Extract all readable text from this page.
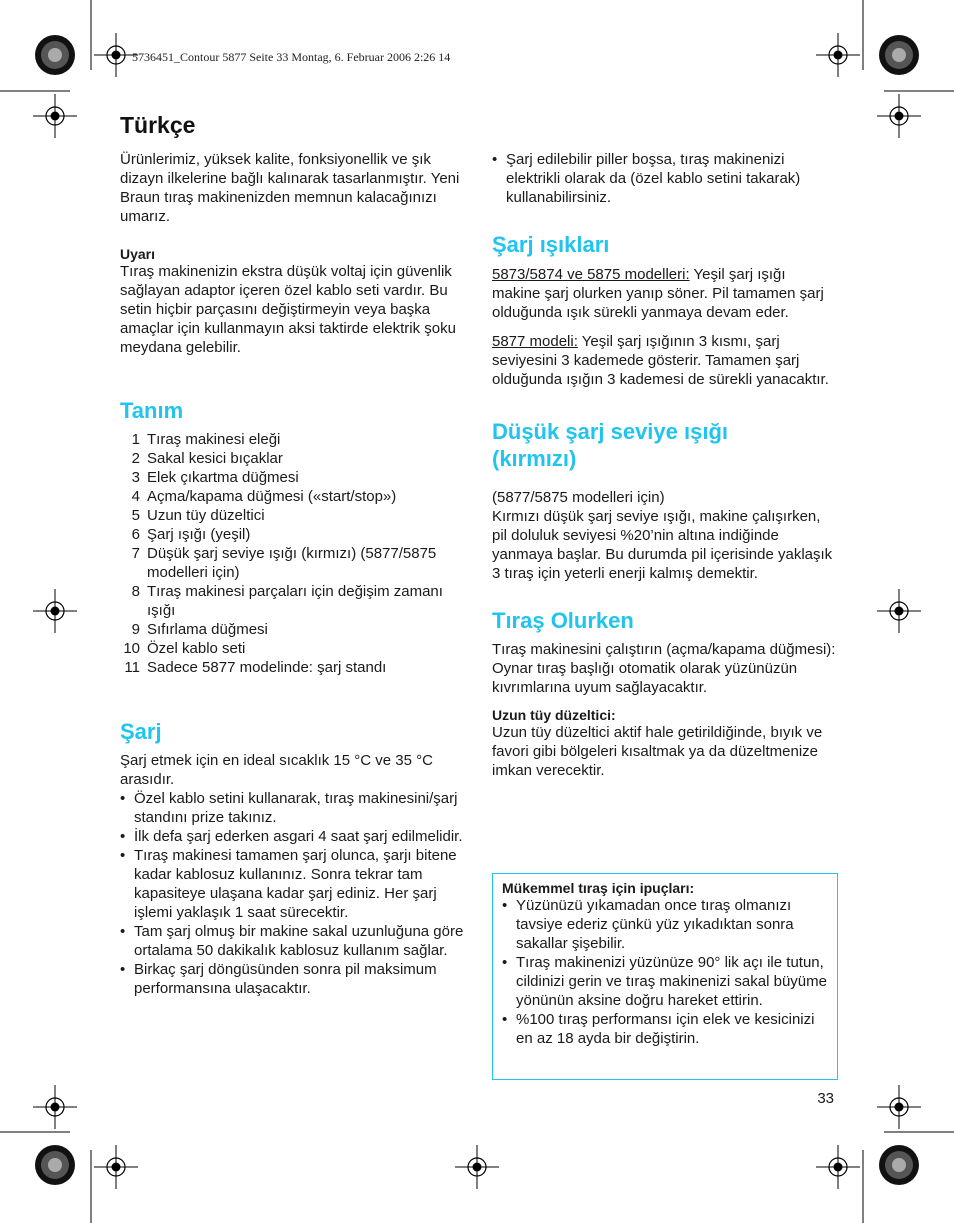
5736451_Contour 5877 Seite 33 Montag, 6. Februar 2006 2:26 14
Türkçe

Ürünlerimiz, yüksek kalite, fonksiyonellik ve şık dizayn ilkelerine bağlı kalınarak tasarlanmıştır. Yeni Braun tıraş makinenizden memnun kalacağınızı umarız.

Uyarı

Tıraş makinenizin ekstra düşük voltaj için güvenlik sağlayan adaptor içeren özel kablo seti vardır. Bu setin hiçbir parçasını değiştirmeyin veya başka amaçlar için kullanmayın aksi taktirde elektrik şoku meydana gelebilir.

Tanım
1 Tıraş makinesi eleği
2 Sakal kesici bıçaklar
3 Elek çıkartma düğmesi
4 Açma/kapama düğmesi («start/stop»)
5 Uzun tüy düzeltici
6 Şarj ışığı (yeşil)
7 Düşük şarj seviye ışığı (kırmızı) (5877/5875 modelleri için)
8 Tıraş makinesi parçaları için değişim zamanı ışığı
9 Sıfırlama düğmesi
10 Özel kablo seti
11 Sadece 5877 modelinde: şarj standı
Şarj

Şarj etmek için en ideal sıcaklık 15 °C ve 35 °C arasıdır.

• Özel kablo setini kullanarak, tıraş makinesini/şarj standını prize takınız.
• İlk defa şarj ederken asgari 4 saat şarj edilmelidir.
• Tıraş makinesi tamamen şarj olunca, şarjı bitene kadar kablosuz kullanınız. Sonra tekrar tam kapasiteye ulaşana kadar şarj ediniz. Her şarj işlemi yaklaşık 1 saat sürecektir.
• Tam şarj olmuş bir makine sakal uzunluğuna göre ortalama 50 dakikalık kablosuz kullanım sağlar.
• Birkaç şarj döngüsünden sonra pil maksimum performansına ulaşacaktır.
• Şarj edilebilir piller boşsa, tıraş makinenizi elektrikli olarak da (özel kablo setini takarak) kullanabilirsiniz.
Şarj ışıkları

5873/5874 ve 5875 modelleri: Yeşil şarj ışığı makine şarj olurken yanıp söner. Pil tamamen şarj olduğunda ışık sürekli yanmaya devam eder.

5877 modeli: Yeşil şarj ışığının 3 kısmı, şarj seviyesini 3 kademede gösterir. Tamamen şarj olduğunda ışığın 3 kademesi de sürekli yanacaktır.

Düşük şarj seviye ışığı
(kırmızı)

(5877/5875 modelleri için)

Kırmızı düşük şarj seviye ışığı, makine çalışırken, pil doluluk seviyesi %20’nin altına indiğinde yanmaya başlar. Bu durumda pil içerisinde yaklaşık 3 tıraş için yeterli enerji kalmış demektir.

Tıraş Olurken

Tıraş makinesini çalıştırın (açma/kapama düğmesi):

Oynar tıraş başlığı otomatik olarak yüzünüzün kıvrımlarına uyum sağlayacaktır.

Uzun tüy düzeltici:

Uzun tüy düzeltici aktif hale getirildiğinde, bıyık ve favori gibi bölgeleri kısaltmak ya da düzeltmenize imkan verecektir.

Mükemmel tıraş için ipuçları:
• Yüzünüzü yıkamadan once tıraş olmanızı tavsiye ederiz çünkü yüz yıkadıktan sonra sakallar şişebilir.
• Tıraş makinenizi yüzünüze 90° lik açı ile tutun, cildinizi gerin ve tıraş makinenizi sakal büyüme yönünün aksine doğru hareket ettirin.
• %100 tıraş performansı için elek ve kesicinizi en az 18 ayda bir değiştirin.
33
